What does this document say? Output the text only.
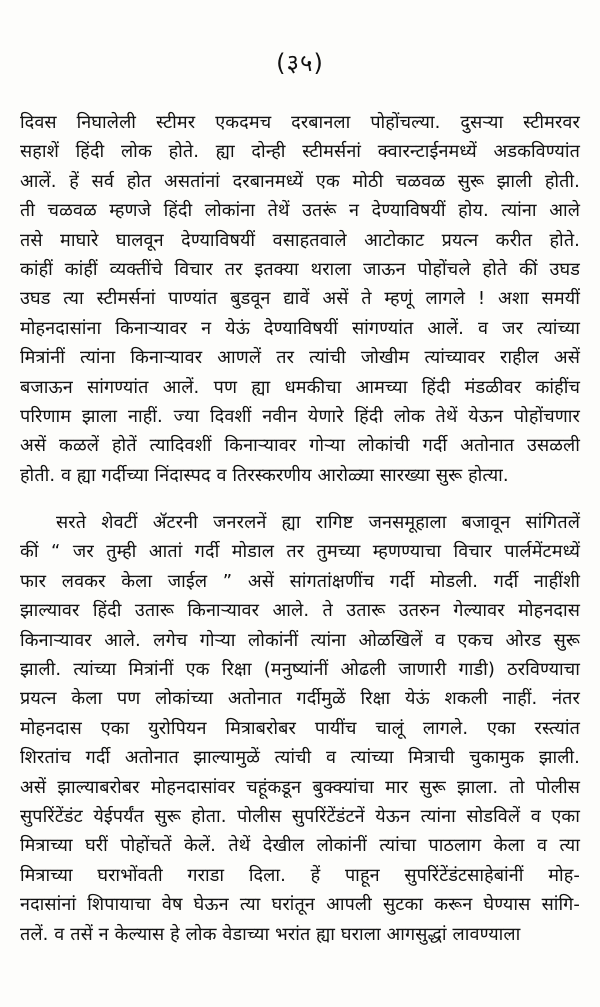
(३५)
दिवस निघालेली स्टीमर एकदमच दरबानला पोहोंचल्या. दुसऱ्या स्टीमरवर
सहाशें हिंदी लोक होते. ह्या दोन्ही स्टीमर्सनां क्वारन्टाईनमध्यें अडकविण्यांत
आलें. हें सर्व होत असतांनां दरबानमध्यें एक मोठी चळवळ सुरू झाली होती.
ती चळवळ म्हणजे हिंदी लोकांना तेथें उतरूं न देण्याविषयीं होय. त्यांना आले
तसे माघारे घालवून देण्याविषयीं वसाहतवाले आटोकाट प्रयत्न करीत होते.
कांहीं कांहीं व्यक्तींचे विचार तर इतक्या थराला जाऊन पोहोंचले होते कीं उघड
उघड त्या स्टीमर्सनां पाण्यांत बुडवून द्यावें असें ते म्हणूं लागले ! अशा समयीं
मोहनदासांना किनाऱ्यावर न येऊं देण्याविषयीं सांगण्यांत आलें. व जर त्यांच्या
मित्रांनीं त्यांना किनाऱ्यावर आणलें तर त्यांची जोखीम त्यांच्यावर राहील असें
बजाऊन सांगण्यांत आलें. पण ह्या धमकीचा आमच्या हिंदी मंडळीवर कांहींच
परिणाम झाला नाहीं. ज्या दिवशीं नवीन येणारे हिंदी लोक तेथें येऊन पोहोंचणार
असें कळलें होतें त्यादिवशीं किनाऱ्यावर गोऱ्या लोकांची गर्दी अतोनात उसळली
होती. व ह्या गर्दीच्या निंदास्पद व तिरस्करणीय आरोळ्या सारख्या सुरू होत्या.
सरते शेवटीं ॲटरनी जनरलनें ह्या रागिष्ट जनसमूहाला बजावून सांगितलें
कीं “ जर तुम्ही आतां गर्दी मोडाल तर तुमच्या म्हणण्याचा विचार पार्लमेंटमध्यें
फार लवकर केला जाईल ” असें सांगतांक्षणींच गर्दी मोडली. गर्दी नाहींशी
झाल्यावर हिंदी उतारू किनाऱ्यावर आले. ते उतारू उतरुन गेल्यावर मोहनदास
किनाऱ्यावर आले. लगेच गोऱ्या लोकांनीं त्यांना ओळखिलें व एकच ओरड सुरू
झाली. त्यांच्या मित्रांनीं एक रिक्षा (मनुष्यांनीं ओढली जाणारी गाडी) ठरविण्याचा
प्रयत्न केला पण लोकांच्या अतोनात गर्दीमुळें रिक्षा येऊं शकली नाहीं. नंतर
मोहनदास एका युरोपियन मित्राबरोबर पायींच चालूं लागले. एका रस्त्यांत
शिरतांच गर्दी अतोनात झाल्यामुळें त्यांची व त्यांच्या मित्राची चुकामुक झाली.
असें झाल्याबरोबर मोहनदासांवर चहूंकडून बुक्क्यांचा मार सुरू झाला. तो पोलीस
सुपरिंटेंडंट येईपर्यंत सुरू होता. पोलीस सुपरिंटेंडंटनें येऊन त्यांना सोडविलें व एका
मित्राच्या घरीं पोहोंचतें केलें. तेथें देखील लोकांनीं त्यांचा पाठलाग केला व त्या
मित्राच्या घराभोंवती गराडा दिला. हें पाहून सुपरिंटेंडंटसाहेबांनीं मोह-
नदासांनां शिपायाचा वेष घेऊन त्या घरांतून आपली सुटका करून घेण्यास सांगि-
तलें. व तसें न केल्यास हे लोक वेडाच्या भरांत ह्या घराला आगसुद्धां लावण्याला
